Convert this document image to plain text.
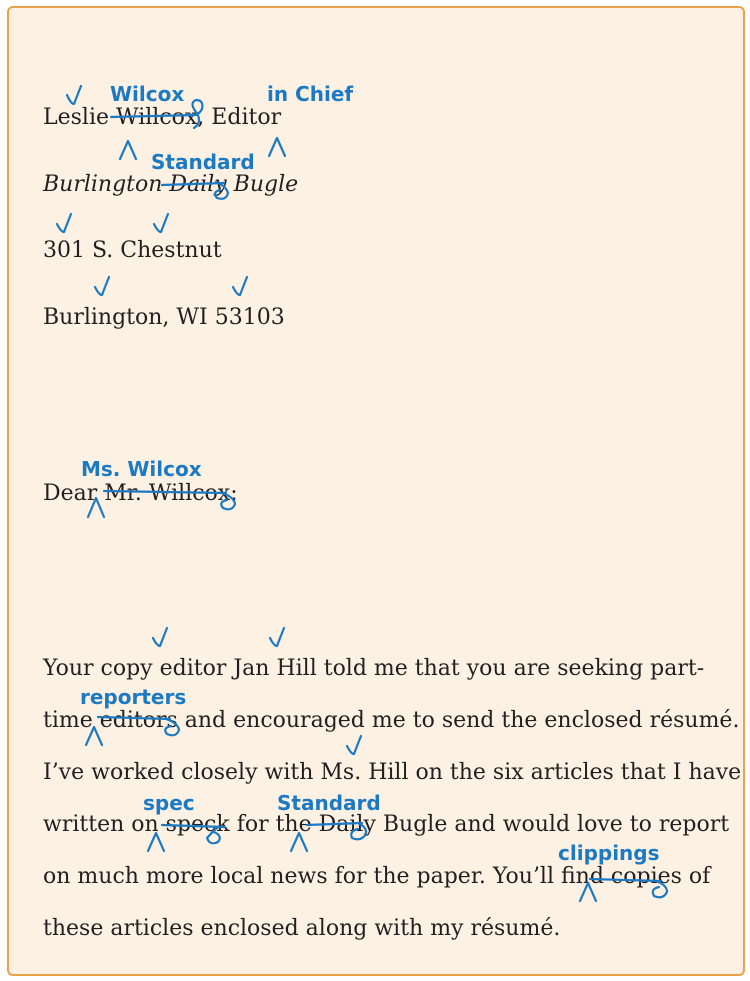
Leslie Willcox, Editor
Burlington Daily Bugle
301 S. Chestnut
Burlington, WI 53103
Dear Mr. Willcox:
Your copy editor Jan Hill told me that you are seeking part-
time editors and encouraged me to send the enclosed résumé.
I’ve worked closely with Ms. Hill on the six articles that I have
written on speck for the Daily Bugle and would love to report
on much more local news for the paper. You’ll find copies of
these articles enclosed along with my résumé.
Wilcox	in Chief
Standard
Ms. Wilcox
reporters
spec	Standard
clippings
